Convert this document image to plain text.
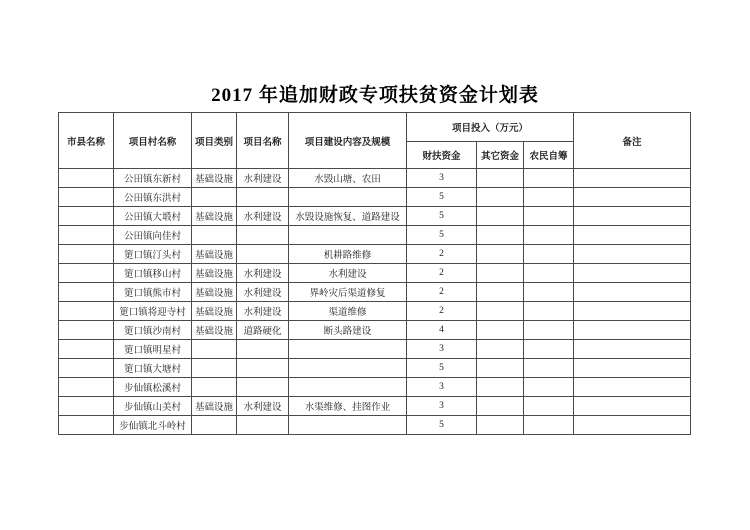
2017 年追加财政专项扶贫资金计划表
市县名称	项目村名称	项目类别	项目名称	项目建设内容及规模	项目投入（万元）			备注
					财扶资金	其它资金	农民自筹	
	公田镇东新村	基础设施	水利建设	水毁山塘、农田	3			
	公田镇东洪村				5			
	公田镇大塅村	基础设施	水利建设	水毁设施恢复、道路建设	5			
	公田镇向佳村				5			
	筻口镇汀头村	基础设施		机耕路维修	2			
	筻口镇移山村	基础设施	水利建设	水利建设	2			
	筻口镇熊市村	基础设施	水利建设	界岭灾后渠道修复	2			
	筻口镇将迎寺村	基础设施	水利建设	渠道维修	2			
	筻口镇沙南村	基础设施	道路硬化	断头路建设	4			
	筻口镇明星村				3			
	筻口镇大塘村				5			
	步仙镇松溪村				3			
	步仙镇山美村	基础设施	水利建设	水渠维修、挂图作业	3			
	步仙镇北斗岭村				5			
